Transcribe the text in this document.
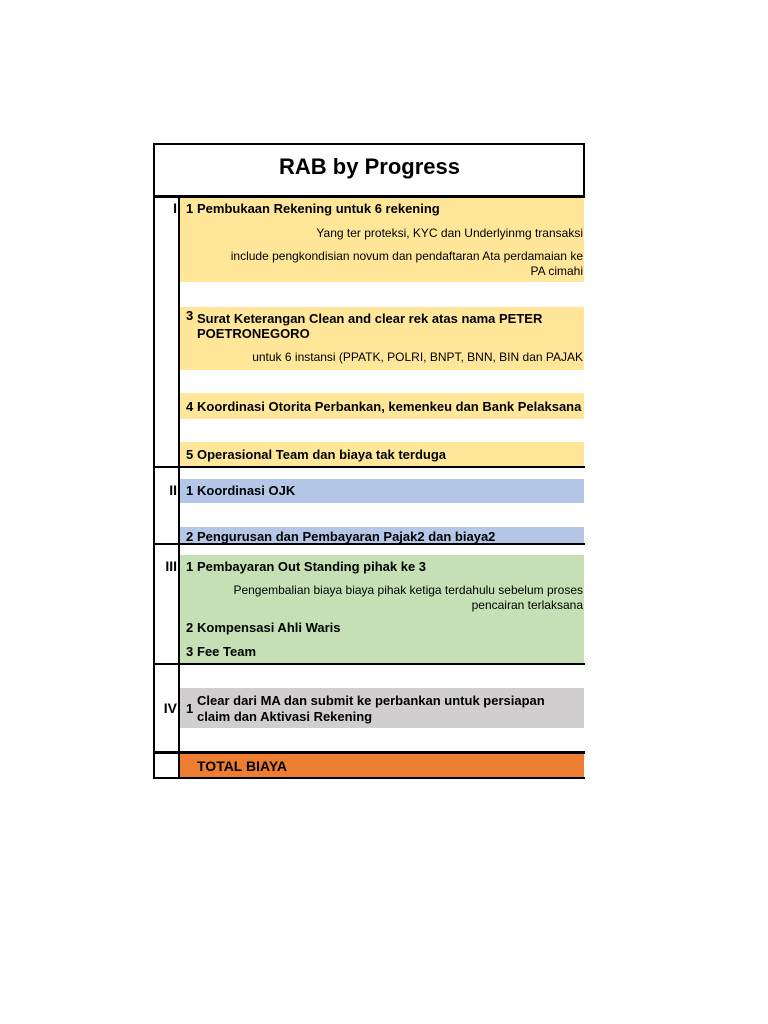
RAB by Progress
I 1 Pembukaan Rekening untuk 6 rekening
Yang ter proteksi, KYC dan Underlyinmg transaksi
include pengkondisian novum dan pendaftaran Ata perdamaian ke
PA cimahi
3 Surat Keterangan Clean and clear rek atas nama PETER
POETRONEGORO
untuk 6 instansi (PPATK, POLRI, BNPT, BNN, BIN dan PAJAK
4 Koordinasi Otorita Perbankan, kemenkeu dan Bank Pelaksana
5 Operasional Team dan biaya tak terduga
II 1 Koordinasi OJK
2 Pengurusan dan Pembayaran Pajak2 dan biaya2
III 1 Pembayaran Out Standing pihak ke 3
Pengembalian biaya biaya pihak ketiga terdahulu sebelum proses
pencairan terlaksana
2 Kompensasi Ahli Waris
3 Fee Team
IV 1
Clear dari MA dan submit ke perbankan untuk persiapan
claim dan Aktivasi Rekening
TOTAL BIAYA
